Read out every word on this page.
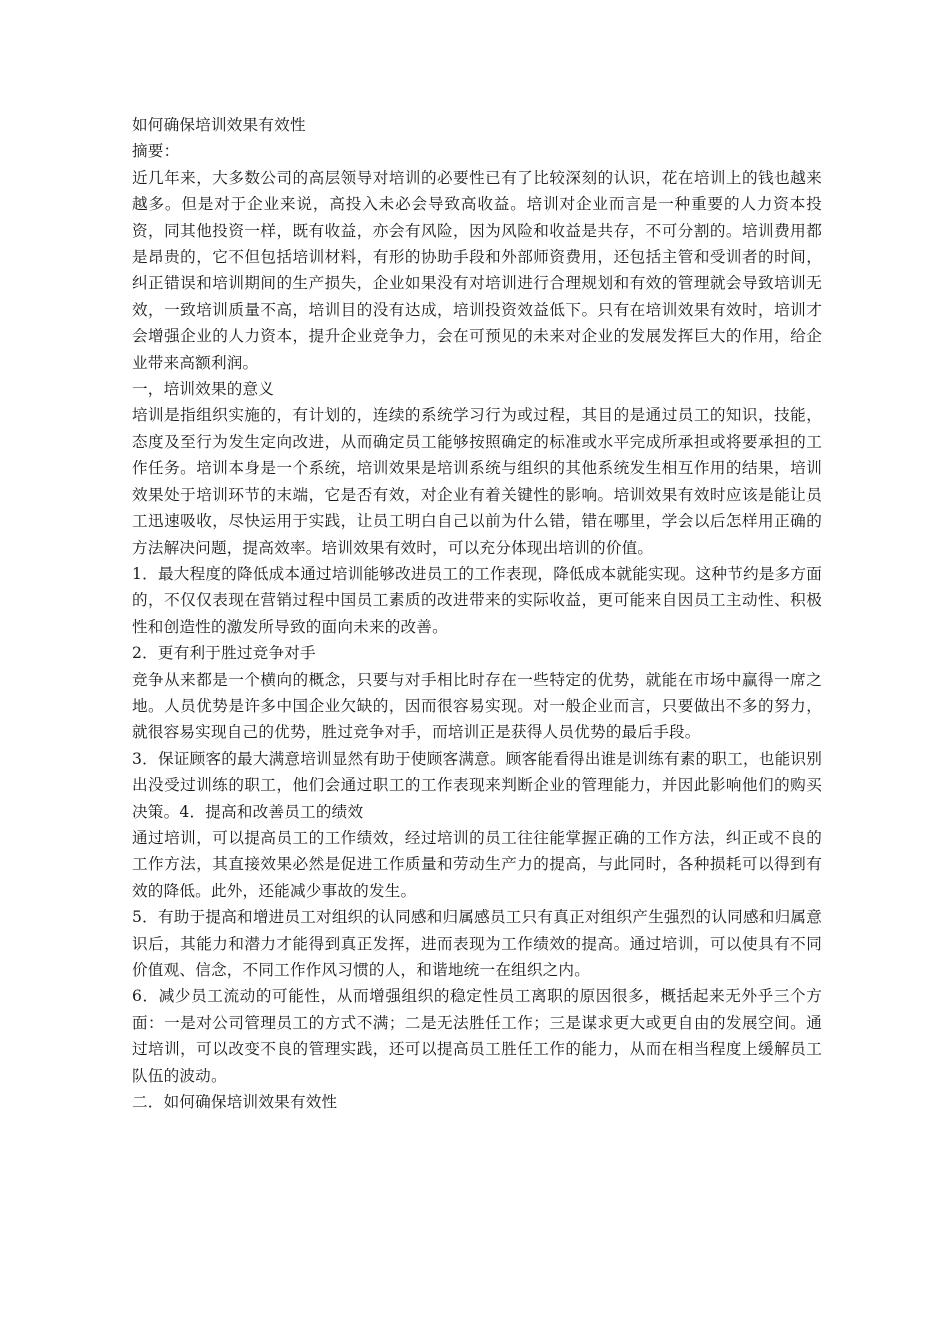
如何确保培训效果有效性

摘要：

近几年来，大多数公司的高层领导对培训的必要性已有了比较深刻的认识，花在培训上的钱也越来越多。但是对于企业来说，高投入未必会导致高收益。培训对企业而言是一种重要的人力资本投资，同其他投资一样，既有收益，亦会有风险，因为风险和收益是共存，不可分割的。培训费用都是昂贵的，它不但包括培训材料，有形的协助手段和外部师资费用，还包括主管和受训者的时间，纠正错误和培训期间的生产损失，企业如果没有对培训进行合理规划和有效的管理就会导致培训无效，一致培训质量不高，培训目的没有达成，培训投资效益低下。只有在培训效果有效时，培训才会增强企业的人力资本，提升企业竞争力，会在可预见的未来对企业的发展发挥巨大的作用，给企业带来高额利润。

一，培训效果的意义

培训是指组织实施的，有计划的，连续的系统学习行为或过程，其目的是通过员工的知识，技能，态度及至行为发生定向改进，从而确定员工能够按照确定的标准或水平完成所承担或将要承担的工作任务。培训本身是一个系统，培训效果是培训系统与组织的其他系统发生相互作用的结果，培训效果处于培训环节的末端，它是否有效，对企业有着关键性的影响。培训效果有效时应该是能让员工迅速吸收，尽快运用于实践，让员工明白自己以前为什么错，错在哪里，学会以后怎样用正确的方法解决问题，提高效率。培训效果有效时，可以充分体现出培训的价值。

1．最大程度的降低成本通过培训能够改进员工的工作表现，降低成本就能实现。这种节约是多方面的，不仅仅表现在营销过程中国员工素质的改进带来的实际收益，更可能来自因员工主动性、积极性和创造性的激发所导致的面向未来的改善。

2．更有利于胜过竞争对手

竞争从来都是一个横向的概念，只要与对手相比时存在一些特定的优势，就能在市场中赢得一席之地。人员优势是许多中国企业欠缺的，因而很容易实现。对一般企业而言，只要做出不多的努力，就很容易实现自己的优势，胜过竞争对手，而培训正是获得人员优势的最后手段。

3．保证顾客的最大满意培训显然有助于使顾客满意。顾客能看得出谁是训练有素的职工，也能识别出没受过训练的职工，他们会通过职工的工作表现来判断企业的管理能力，并因此影响他们的购买决策。4．提高和改善员工的绩效

通过培训，可以提高员工的工作绩效，经过培训的员工往往能掌握正确的工作方法，纠正或不良的工作方法，其直接效果必然是促进工作质量和劳动生产力的提高，与此同时，各种损耗可以得到有效的降低。此外，还能减少事故的发生。

5．有助于提高和增进员工对组织的认同感和归属感员工只有真正对组织产生强烈的认同感和归属意识后，其能力和潜力才能得到真正发挥，进而表现为工作绩效的提高。通过培训，可以使具有不同价值观、信念，不同工作作风习惯的人，和谐地统一在组织之内。

6．减少员工流动的可能性，从而增强组织的稳定性员工离职的原因很多，概括起来无外乎三个方面：一是对公司管理员工的方式不满；二是无法胜任工作；三是谋求更大或更自由的发展空间。通过培训，可以改变不良的管理实践，还可以提高员工胜任工作的能力，从而在相当程度上缓解员工队伍的波动。

二．如何确保培训效果有效性
